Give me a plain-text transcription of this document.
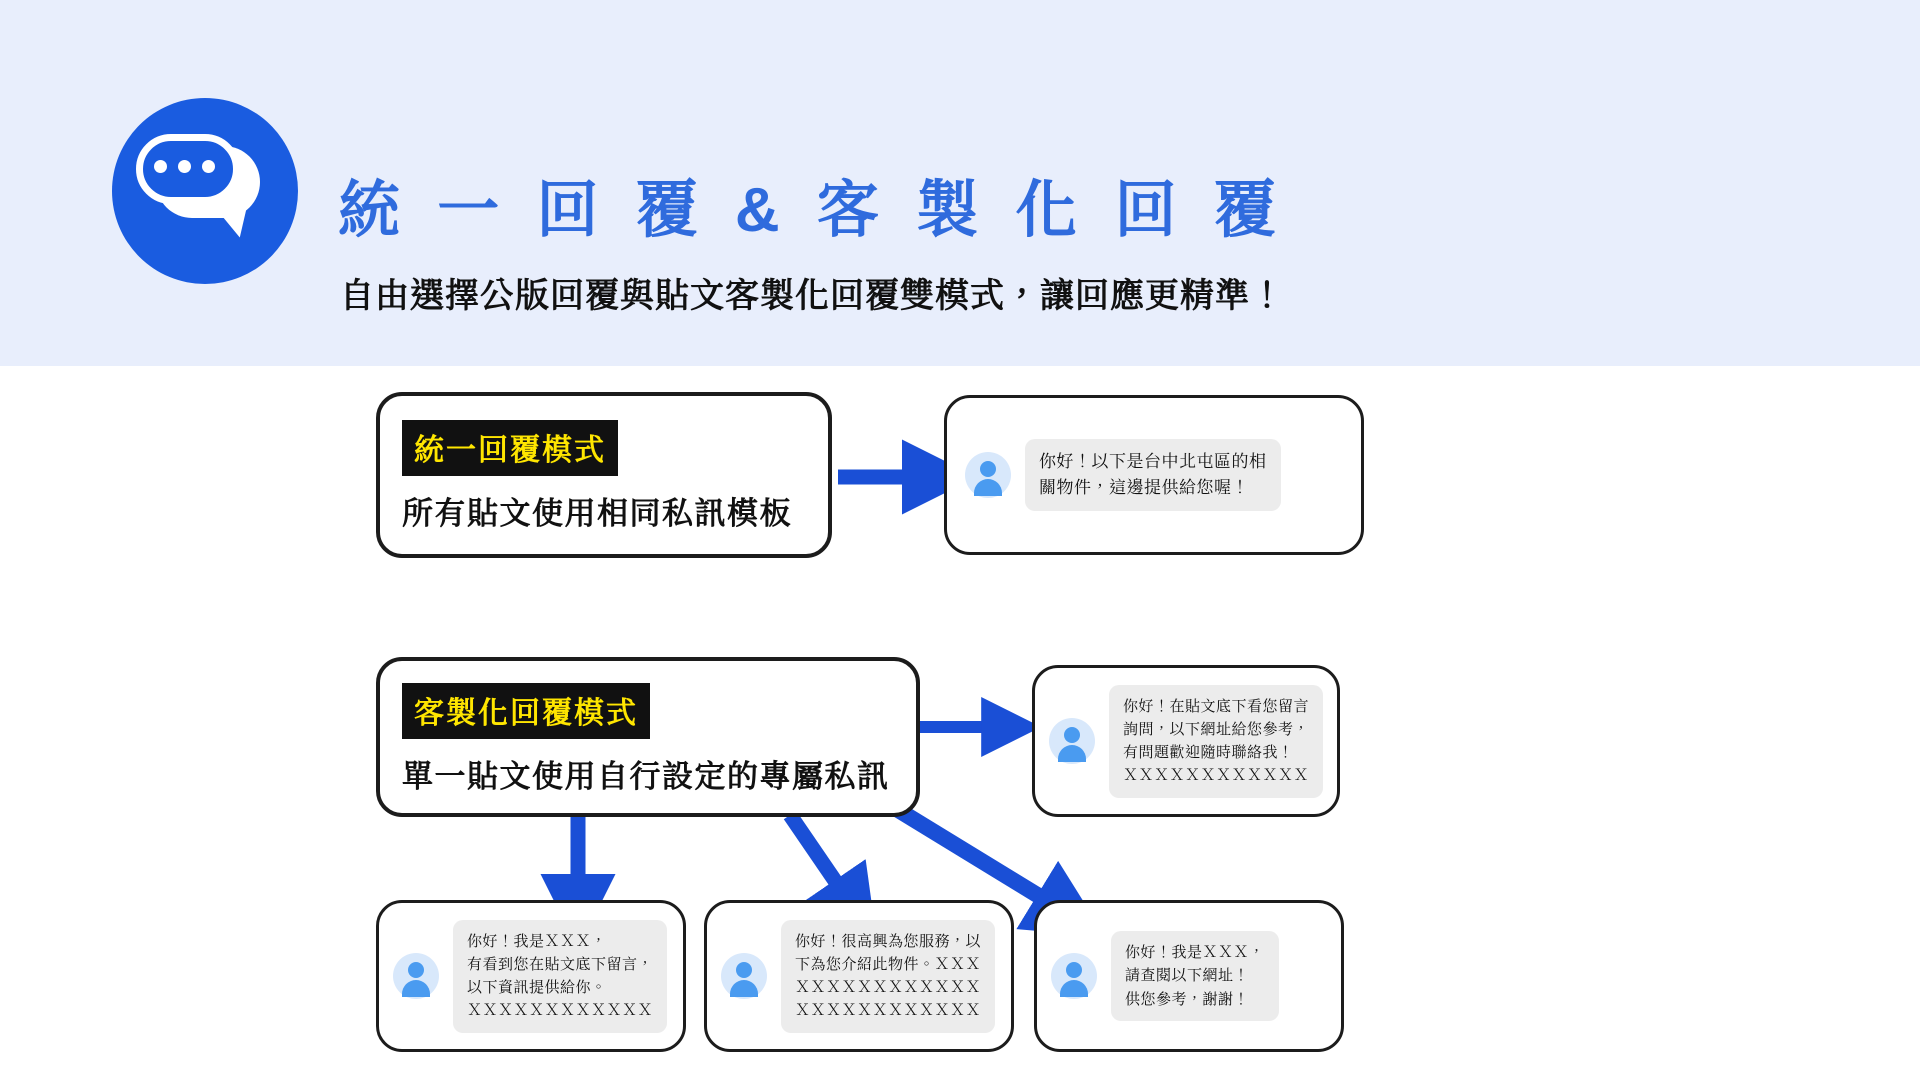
統 一 回 覆 & 客 製 化 回 覆
自由選擇公版回覆與貼文客製化回覆雙模式，讓回應更精準！
統一回覆模式
所有貼文使用相同私訊模板
你好！以下是台中北屯區的相
關物件，這邊提供給您喔！
客製化回覆模式
單一貼文使用自行設定的專屬私訊
你好！在貼文底下看您留言
詢問，以下網址給您參考，
有問題歡迎隨時聯絡我！
ＸＸＸＸＸＸＸＸＸＸＸＸ
你好！我是ＸＸＸ，
有看到您在貼文底下留言，
以下資訊提供給你。
ＸＸＸＸＸＸＸＸＸＸＸＸ
你好！很高興為您服務，以
下為您介紹此物件。ＸＸＸ
ＸＸＸＸＸＸＸＸＸＸＸＸ
ＸＸＸＸＸＸＸＸＸＸＸＸ
你好！我是ＸＸＸ，
請查閱以下網址！
供您參考，謝謝！
